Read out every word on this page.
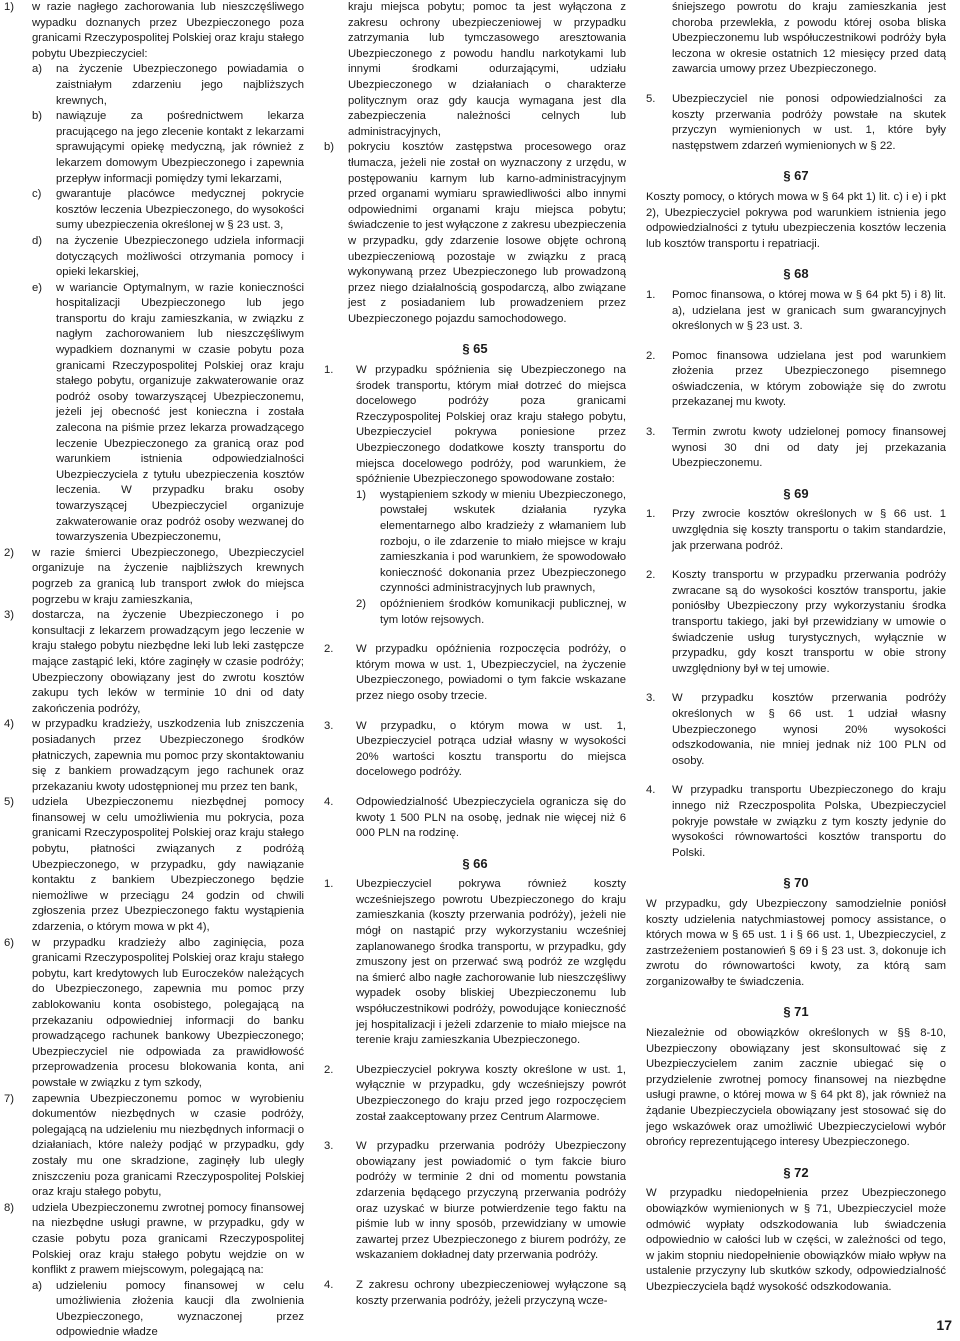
1) w razie nagłego zachorowania lub nieszczęśliwego wypadku doznanych przez Ubezpieczonego poza granicami Rzeczypospolitej Polskiej oraz kraju stałego pobytu Ubezpieczyciel:

a) na życzenie Ubezpieczonego powiadamia o zaistniałym zdarzeniu jego najbliższych krewnych,

b) nawiązuje za pośrednictwem lekarza pracującego na jego zlecenie kontakt z lekarzami sprawującymi opiekę medyczną, jak również z lekarzem domowym Ubezpieczonego i zapewnia przepływ informacji pomiędzy tymi lekarzami,

c) gwarantuje placówce medycznej pokrycie kosztów leczenia Ubezpieczonego, do wysokości sumy ubezpieczenia określonej w § 23 ust. 3,

d) na życzenie Ubezpieczonego udziela informacji dotyczących możliwości otrzymania pomocy i opieki lekarskiej,

e) w wariancie Optymalnym, w razie konieczności hospitalizacji Ubezpieczonego lub jego transportu do kraju zamieszkania, w związku z nagłym zachorowaniem lub nieszczęśliwym wypadkiem doznanymi w czasie pobytu poza granicami Rzeczypospolitej Polskiej oraz kraju stałego pobytu, organizuje zakwaterowanie oraz podróż osoby towarzyszącej Ubezpieczonemu, jeżeli jej obecność jest konieczna i została zalecona na piśmie przez lekarza prowadzącego leczenie Ubezpieczonego za granicą oraz pod warunkiem istnienia odpowiedzialności Ubezpieczyciela z tytułu ubezpieczenia kosztów leczenia. W przypadku braku osoby towarzyszącej Ubezpieczyciel organizuje zakwaterowanie oraz podróż osoby wezwanej do towarzyszenia Ubezpieczonemu,

2) w razie śmierci Ubezpieczonego, Ubezpieczyciel organizuje na życzenie najbliższych krewnych pogrzeb za granicą lub transport zwłok do miejsca pogrzebu w kraju zamieszkania,

3) dostarcza, na życzenie Ubezpieczonego i po konsultacji z lekarzem prowadzącym jego leczenie w kraju stałego pobytu niezbędne leki lub leki zastępcze mające zastąpić leki, które zaginęły w czasie podróży; Ubezpieczony obowiązany jest do zwrotu kosztów zakupu tych leków w terminie 10 dni od daty zakończenia podróży,

4) w przypadku kradzieży, uszkodzenia lub zniszczenia posiadanych przez Ubezpieczonego środków płatniczych, zapewnia mu pomoc przy skontaktowaniu się z bankiem prowadzącym jego rachunek oraz przekazaniu kwoty udostępnionej mu przez ten bank,

5) udziela Ubezpieczonemu niezbędnej pomocy finansowej w celu umożliwienia mu pokrycia, poza granicami Rzeczypospolitej Polskiej oraz kraju stałego pobytu, płatności związanych z podróżą Ubezpieczonego, w przypadku, gdy nawiązanie kontaktu z bankiem Ubezpieczonego będzie niemożliwe w przeciągu 24 godzin od chwili zgłoszenia przez Ubezpieczonego faktu wystąpienia zdarzenia, o którym mowa w pkt 4),

6) w przypadku kradzieży albo zaginięcia, poza granicami Rzeczypospolitej Polskiej oraz kraju stałego pobytu, kart kredytowych lub Euroczeków należących do Ubezpieczonego, zapewnia mu pomoc przy zablokowaniu konta osobistego, polegającą na przekazaniu odpowiedniej informacji do banku prowadzącego rachunek bankowy Ubezpieczonego; Ubezpieczyciel nie odpowiada za prawidłowość przeprowadzenia procesu blokowania konta, ani powstałe w związku z tym szkody,

7) zapewnia Ubezpieczonemu pomoc w wyrobieniu dokumentów niezbędnych w czasie podróży, polegającą na udzieleniu mu niezbędnych informacji o działaniach, które należy podjąć w przypadku, gdy zostały mu one skradzione, zaginęły lub uległy zniszczeniu poza granicami Rzeczypospolitej Polskiej oraz kraju stałego pobytu,

8) udziela Ubezpieczonemu zwrotnej pomocy finansowej na niezbędne usługi prawne, w przypadku, gdy w czasie pobytu poza granicami Rzeczypospolitej Polskiej oraz kraju stałego pobytu wejdzie on w konflikt z prawem miejscowym, polegającą na:

a) udzieleniu pomocy finansowej w celu umożliwienia złożenia kaucji dla zwolnienia Ubezpieczonego, wyznaczonej przez odpowiednie władze

kraju miejsca pobytu; pomoc ta jest wyłączona z zakresu ochrony ubezpieczeniowej w przypadku zatrzymania lub tymczasowego aresztowania Ubezpieczonego z powodu handlu narkotykami lub innymi środkami odurzającymi, udziału Ubezpieczonego w działaniach o charakterze politycznym oraz gdy kaucja wymagana jest dla zabezpieczenia należności celnych lub administracyjnych,

b) pokryciu kosztów zastępstwa procesowego oraz tłumacza, jeżeli nie został on wyznaczony z urzędu, w postępowaniu karnym lub karno-administracyjnym przed organami wymiaru sprawiedliwości albo innymi odpowiednimi organami kraju miejsca pobytu; świadczenie to jest wyłączone z zakresu ubezpieczenia w przypadku, gdy zdarzenie losowe objęte ochroną ubezpieczeniową pozostaje w związku z pracą wykonywaną przez Ubezpieczonego lub prowadzoną przez niego działalnością gospodarczą, albo związane jest z posiadaniem lub prowadzeniem przez Ubezpieczonego pojazdu samochodowego.

§ 65

1. W przypadku spóźnienia się Ubezpieczonego na środek transportu, którym miał dotrzeć do miejsca docelowego podróży poza granicami Rzeczypospolitej Polskiej oraz kraju stałego pobytu, Ubezpieczyciel pokrywa poniesione przez Ubezpieczonego dodatkowe koszty transportu do miejsca docelowego podróży, pod warunkiem, że spóźnienie Ubezpieczonego spowodowane zostało:

1) wystąpieniem szkody w mieniu Ubezpieczonego, powstałej wskutek działania ryzyka elementarnego albo kradzieży z włamaniem lub rozboju, o ile zdarzenie to miało miejsce w kraju zamieszkania i pod warunkiem, że spowodowało konieczność dokonania przez Ubezpieczonego czynności administracyjnych lub prawnych,

2) opóźnieniem środków komunikacji publicznej, w tym lotów rejsowych.

2. W przypadku opóźnienia rozpoczęcia podróży, o którym mowa w ust. 1, Ubezpieczyciel, na życzenie Ubezpieczonego, powiadomi o tym fakcie wskazane przez niego osoby trzecie.

3. W przypadku, o którym mowa w ust. 1, Ubezpieczyciel potrąca udział własny w wysokości 20% wartości kosztu transportu do miejsca docelowego podróży.

4. Odpowiedzialność Ubezpieczyciela ogranicza się do kwoty 1 500 PLN na osobę, jednak nie więcej niż 6 000 PLN na rodzinę.

§ 66

1. Ubezpieczyciel pokrywa również koszty wcześniejszego powrotu Ubezpieczonego do kraju zamieszkania (koszty przerwania podróży), jeżeli nie mógł on nastąpić przy wykorzystaniu wcześniej zaplanowanego środka transportu, w przypadku, gdy zmuszony jest on przerwać swą podróż ze względu na śmierć albo nagłe zachorowanie lub nieszczęśliwy wypadek osoby bliskiej Ubezpieczonemu lub współuczestnikowi podróży, powodujące konieczność jej hospitalizacji i jeżeli zdarzenie to miało miejsce na terenie kraju zamieszkania Ubezpieczonego.

2. Ubezpieczyciel pokrywa koszty określone w ust. 1, wyłącznie w przypadku, gdy wcześniejszy powrót Ubezpieczonego do kraju przed jego rozpoczęciem został zaakceptowany przez Centrum Alarmowe.

3. W przypadku przerwania podróży Ubezpieczony obowiązany jest powiadomić o tym fakcie biuro podróży w terminie 2 dni od momentu powstania zdarzenia będącego przyczyną przerwania podróży oraz uzyskać w biurze potwierdzenie tego faktu na piśmie lub w inny sposób, przewidziany w umowie zawartej przez Ubezpieczonego z biurem podróży, ze wskazaniem dokładnej daty przerwania podróży.

4. Z zakresu ochrony ubezpieczeniowej wyłączone są koszty przerwania podróży, jeżeli przyczyną wcze-

śniejszego powrotu do kraju zamieszkania jest choroba przewlekła, z powodu której osoba bliska Ubezpieczonemu lub współuczestnikowi podróży była leczona w okresie ostatnich 12 miesięcy przed datą zawarcia umowy przez Ubezpieczonego.

5. Ubezpieczyciel nie ponosi odpowiedzialności za koszty przerwania podróży powstałe na skutek przyczyn wymienionych w ust. 1, które były następstwem zdarzeń wymienionych w § 22.

§ 67

Koszty pomocy, o których mowa w § 64 pkt 1) lit. c) i e) i pkt 2), Ubezpieczyciel pokrywa pod warunkiem istnienia jego odpowiedzialności z tytułu ubezpieczenia kosztów leczenia lub kosztów transportu i repatriacji.

§ 68

1. Pomoc finansowa, o której mowa w § 64 pkt 5) i 8) lit. a), udzielana jest w granicach sum gwarancyjnych określonych w § 23 ust. 3.

2. Pomoc finansowa udzielana jest pod warunkiem złożenia przez Ubezpieczonego pisemnego oświadczenia, w którym zobowiąże się do zwrotu przekazanej mu kwoty.

3. Termin zwrotu kwoty udzielonej pomocy finansowej wynosi 30 dni od daty jej przekazania Ubezpieczonemu.

§ 69

1. Przy zwrocie kosztów określonych w § 66 ust. 1 uwzględnia się koszty transportu o takim standardzie, jak przerwana podróż.

2. Koszty transportu w przypadku przerwania podróży zwracane są do wysokości kosztów transportu, jakie poniósłby Ubezpieczony przy wykorzystaniu środka transportu takiego, jaki był przewidziany w umowie o świadczenie usług turystycznych, wyłącznie w przypadku, gdy koszt transportu w obie strony uwzględniony był w tej umowie.

3. W przypadku kosztów przerwania podróży określonych w § 66 ust. 1 udział własny Ubezpieczonego wynosi 20% wysokości odszkodowania, nie mniej jednak niż 100 PLN od osoby.

4. W przypadku transportu Ubezpieczonego do kraju innego niż Rzeczpospolita Polska, Ubezpieczyciel pokryje powstałe w związku z tym koszty jedynie do wysokości równowartości kosztów transportu do Polski.

§ 70

W przypadku, gdy Ubezpieczony samodzielnie poniósł koszty udzielenia natychmiastowej pomocy assistance, o których mowa w § 65 ust. 1 i § 66 ust. 1, Ubezpieczyciel, z zastrzeżeniem postanowień § 69 i § 23 ust. 3, dokonuje ich zwrotu do równowartości kwoty, za którą sam zorganizowałby te świadczenia.

§ 71

Niezależnie od obowiązków określonych w §§ 8-10, Ubezpieczony obowiązany jest skonsultować się z Ubezpieczycielem zanim zacznie ubiegać się o przydzielenie zwrotnej pomocy finansowej na niezbędne usługi prawne, o której mowa w § 64 pkt 8), jak również na żądanie Ubezpieczyciela obowiązany jest stosować się do jego wskazówek oraz umożliwić Ubezpieczycielowi wybór obrońcy reprezentującego interesy Ubezpieczonego.

§ 72

W przypadku niedopełnienia przez Ubezpieczonego obowiązków wymienionych w § 71, Ubezpieczyciel może odmówić wypłaty odszkodowania lub świadczenia odpowiednio w całości lub w części, w zależności od tego, w jakim stopniu niedopełnienie obowiązków miało wpływ na ustalenie przyczyny lub skutków szkody, odpowiedzialność Ubezpieczyciela bądź wysokość odszkodowania.

17
